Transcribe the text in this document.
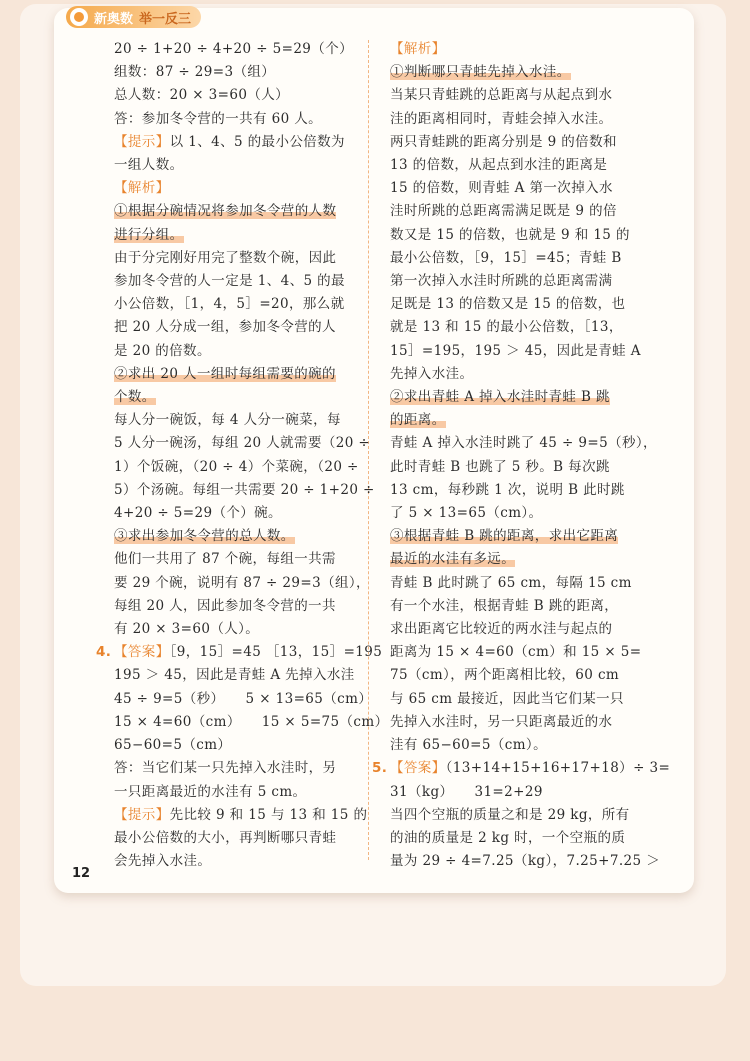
新奥数 举一反三
20 ÷ 1+20 ÷ 4+20 ÷ 5=29（个）
组数：87 ÷ 29=3（组）
总人数：20 × 3=60（人）
答：参加冬令营的一共有 60 人。
【提示】以 1、4、5 的最小公倍数为
一组人数。
【解析】
①根据分碗情况将参加冬令营的人数
进行分组。
由于分完刚好用完了整数个碗，因此
参加冬令营的人一定是 1、4、5 的最
小公倍数，［1，4，5］=20，那么就
把 20 人分成一组，参加冬令营的人
是 20 的倍数。
②求出 20 人一组时每组需要的碗的
个数。
每人分一碗饭，每 4 人分一碗菜，每
5 人分一碗汤，每组 20 人就需要（20 ÷
1）个饭碗，（20 ÷ 4）个菜碗，（20 ÷
5）个汤碗。每组一共需要 20 ÷ 1+20 ÷
4+20 ÷ 5=29（个）碗。
③求出参加冬令营的总人数。
他们一共用了 87 个碗，每组一共需
要 29 个碗，说明有 87 ÷ 29=3（组），
每组 20 人，因此参加冬令营的一共
有 20 × 3=60（人）。
4. 【答案】［9，15］=45 ［13，15］=195
195 ＞ 45，因此是青蛙 A 先掉入水洼
45 ÷ 9=5（秒）　　5 × 13=65（cm）
15 × 4=60（cm）　　15 × 5=75（cm）
65−60=5（cm）
答：当它们某一只先掉入水洼时，另
一只距离最近的水洼有 5 cm。
【提示】先比较 9 和 15 与 13 和 15 的
最小公倍数的大小，再判断哪只青蛙
会先掉入水洼。
【解析】
①判断哪只青蛙先掉入水洼。
当某只青蛙跳的总距离与从起点到水
洼的距离相同时，青蛙会掉入水洼。
两只青蛙跳的距离分别是 9 的倍数和
13 的倍数，从起点到水洼的距离是
15 的倍数，则青蛙 A 第一次掉入水
洼时所跳的总距离需满足既是 9 的倍
数又是 15 的倍数，也就是 9 和 15 的
最小公倍数，［9，15］=45；青蛙 B
第一次掉入水洼时所跳的总距离需满
足既是 13 的倍数又是 15 的倍数，也
就是 13 和 15 的最小公倍数，［13，
15］=195，195 ＞ 45，因此是青蛙 A
先掉入水洼。
②求出青蛙 A 掉入水洼时青蛙 B 跳
的距离。
青蛙 A 掉入水洼时跳了 45 ÷ 9=5（秒），
此时青蛙 B 也跳了 5 秒。B 每次跳
13 cm，每秒跳 1 次，说明 B 此时跳
了 5 × 13=65（cm）。
③根据青蛙 B 跳的距离，求出它距离
最近的水洼有多远。
青蛙 B 此时跳了 65 cm，每隔 15 cm
有一个水洼，根据青蛙 B 跳的距离，
求出距离它比较近的两水洼与起点的
距离为 15 × 4=60（cm）和 15 × 5=
75（cm），两个距离相比较，60 cm
与 65 cm 最接近，因此当它们某一只
先掉入水洼时，另一只距离最近的水
洼有 65−60=5（cm）。
5. 【答案】（13+14+15+16+17+18）÷ 3=
31（kg）　　31=2+29
当四个空瓶的质量之和是 29 kg，所有
的油的质量是 2 kg 时，一个空瓶的质
量为 29 ÷ 4=7.25（kg），7.25+7.25 ＞
12
